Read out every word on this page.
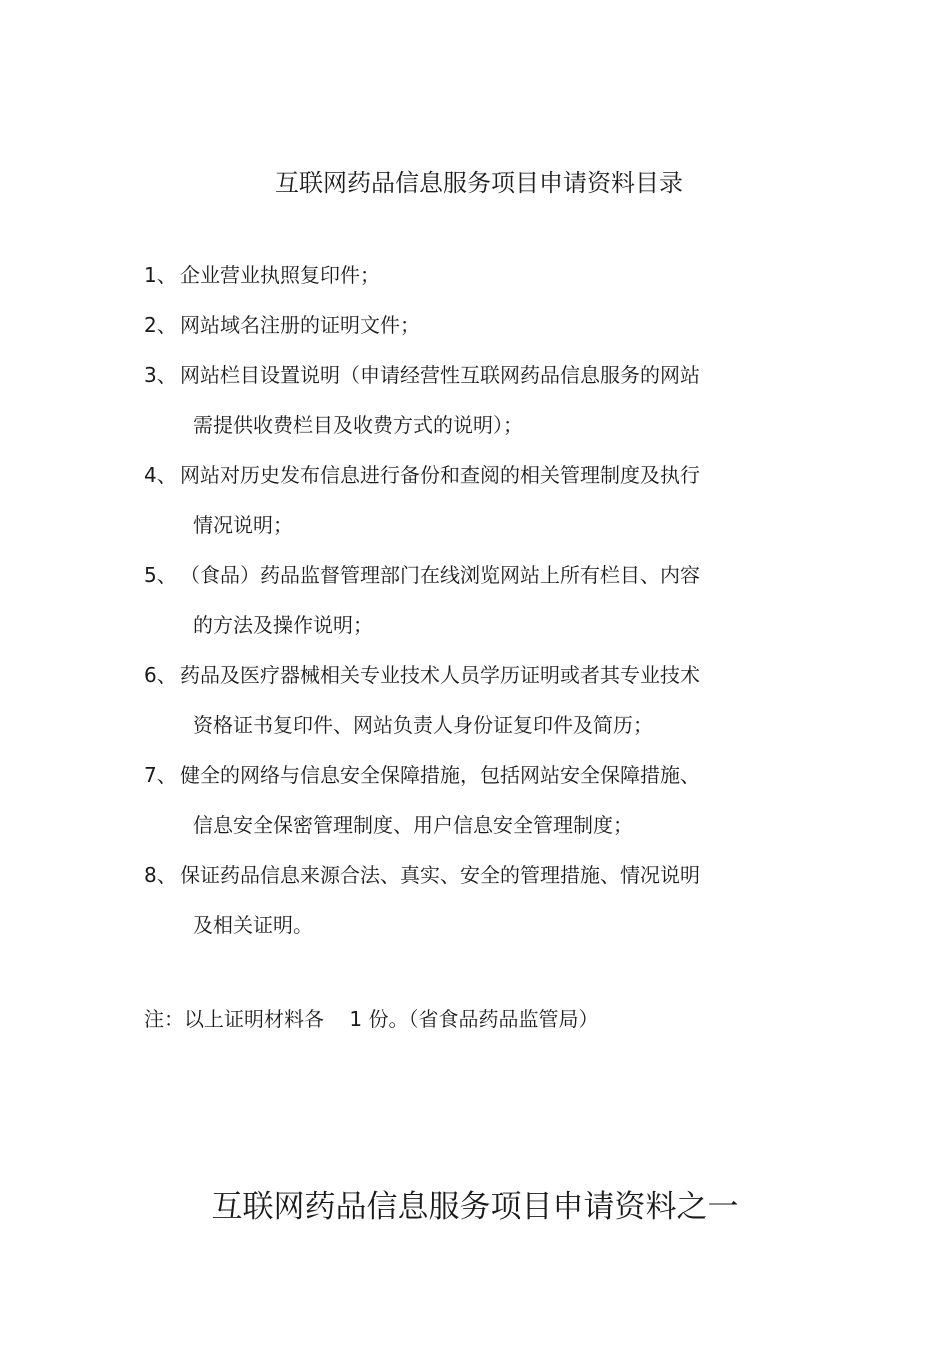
互联网药品信息服务项目申请资料目录
1、 企业营业执照复印件；
2、 网站域名注册的证明文件；
3、 网站栏目设置说明（申请经营性互联网药品信息服务的网站
需提供收费栏目及收费方式的说明）；
4、 网站对历史发布信息进行备份和查阅的相关管理制度及执行
情况说明；
5、 （食品）药品监督管理部门在线浏览网站上所有栏目、内容
的方法及操作说明；
6、 药品及医疗器械相关专业技术人员学历证明或者其专业技术
资格证书复印件、网站负责人身份证复印件及简历；
7、 健全的网络与信息安全保障措施，包括网站安全保障措施、
信息安全保密管理制度、用户信息安全管理制度；
8、 保证药品信息来源合法、真实、安全的管理措施、情况说明
及相关证明。

注：以上证明材料各    1 份。（省食品药品监管局）

互联网药品信息服务项目申请资料之一
